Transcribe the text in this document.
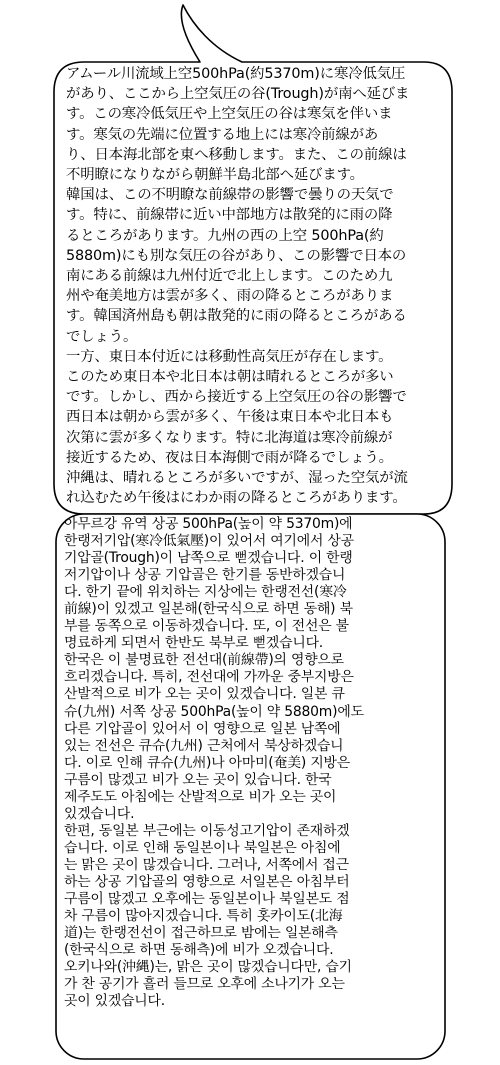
アムール川流域上空500hPa(約5370m)に寒冷低気圧
があり、ここから上空気圧の谷(Trough)が南へ延びま
す。この寒冷低気圧や上空気圧の谷は寒気を伴いま
す。寒気の先端に位置する地上には寒冷前線があ
り、日本海北部を東へ移動します。また、この前線は
不明瞭になりながら朝鮮半島北部へ延びます。
韓国は、この不明瞭な前線帯の影響で曇りの天気で
す。特に、前線帯に近い中部地方は散発的に雨の降
るところがあります。九州の西の上空 500hPa(約
5880m)にも別な気圧の谷があり、この影響で日本の
南にある前線は九州付近で北上します。このため九
州や奄美地方は雲が多く、雨の降るところがありま
す。韓国済州島も朝は散発的に雨の降るところがある
でしょう。
一方、東日本付近には移動性高気圧が存在します。
このため東日本や北日本は朝は晴れるところが多い
です。しかし、西から接近する上空気圧の谷の影響で
西日本は朝から雲が多く、午後は東日本や北日本も
次第に雲が多くなります。特に北海道は寒冷前線が
接近するため、夜は日本海側で雨が降るでしょう。
沖縄は、晴れるところが多いですが、湿った空気が流
れ込むため午後はにわか雨の降るところがあります。
아무르강 유역 상공 500hPa(높이 약 5370m)에
한랭저기압(寒冷低氣壓)이 있어서 여기에서 상공
기압골(Trough)이 남쪽으로 뻗겠습니다. 이 한랭
저기압이나 상공 기압골은 한기를 동반하겠습니
다. 한기 끝에 위치하는 지상에는 한랭전선(寒冷
前線)이 있겠고 일본해(한국식으로 하면 동해) 북
부를 동쪽으로 이동하겠습니다. 또, 이 전선은 불
명료하게 되면서 한반도 북부로 뻗겠습니다.
한국은 이 불명료한 전선대(前線帶)의 영향으로
흐리겠습니다. 특히, 전선대에 가까운 중부지방은
산발적으로 비가 오는 곳이 있겠습니다. 일본 큐
슈(九州) 서쪽 상공 500hPa(높이 약 5880m)에도
다른 기압골이 있어서 이 영향으로 일본 남쪽에
있는 전선은 큐슈(九州) 근처에서 북상하겠습니
다. 이로 인해 큐슈(九州)나 아마미(奄美) 지방은
구름이 많겠고 비가 오는 곳이 있습니다. 한국
제주도도 아침에는 산발적으로 비가 오는 곳이
있겠습니다.
한편, 동일본 부근에는 이동성고기압이 존재하겠
습니다. 이로 인해 동일본이나 북일본은 아침에
는 맑은 곳이 많겠습니다. 그러나, 서쪽에서 접근
하는 상공 기압골의 영향으로 서일본은 아침부터
구름이 많겠고 오후에는 동일본이나 북일본도 점
차 구름이 많아지겠습니다. 특히 홋카이도(北海
道)는 한랭전선이 접근하므로 밤에는 일본해측
(한국식으로 하면 동해측)에 비가 오겠습니다.
오키나와(沖縄)는, 맑은 곳이 많겠습니다만, 습기
가 찬 공기가 흘러 들므로 오후에 소나기가 오는
곳이 있겠습니다.
